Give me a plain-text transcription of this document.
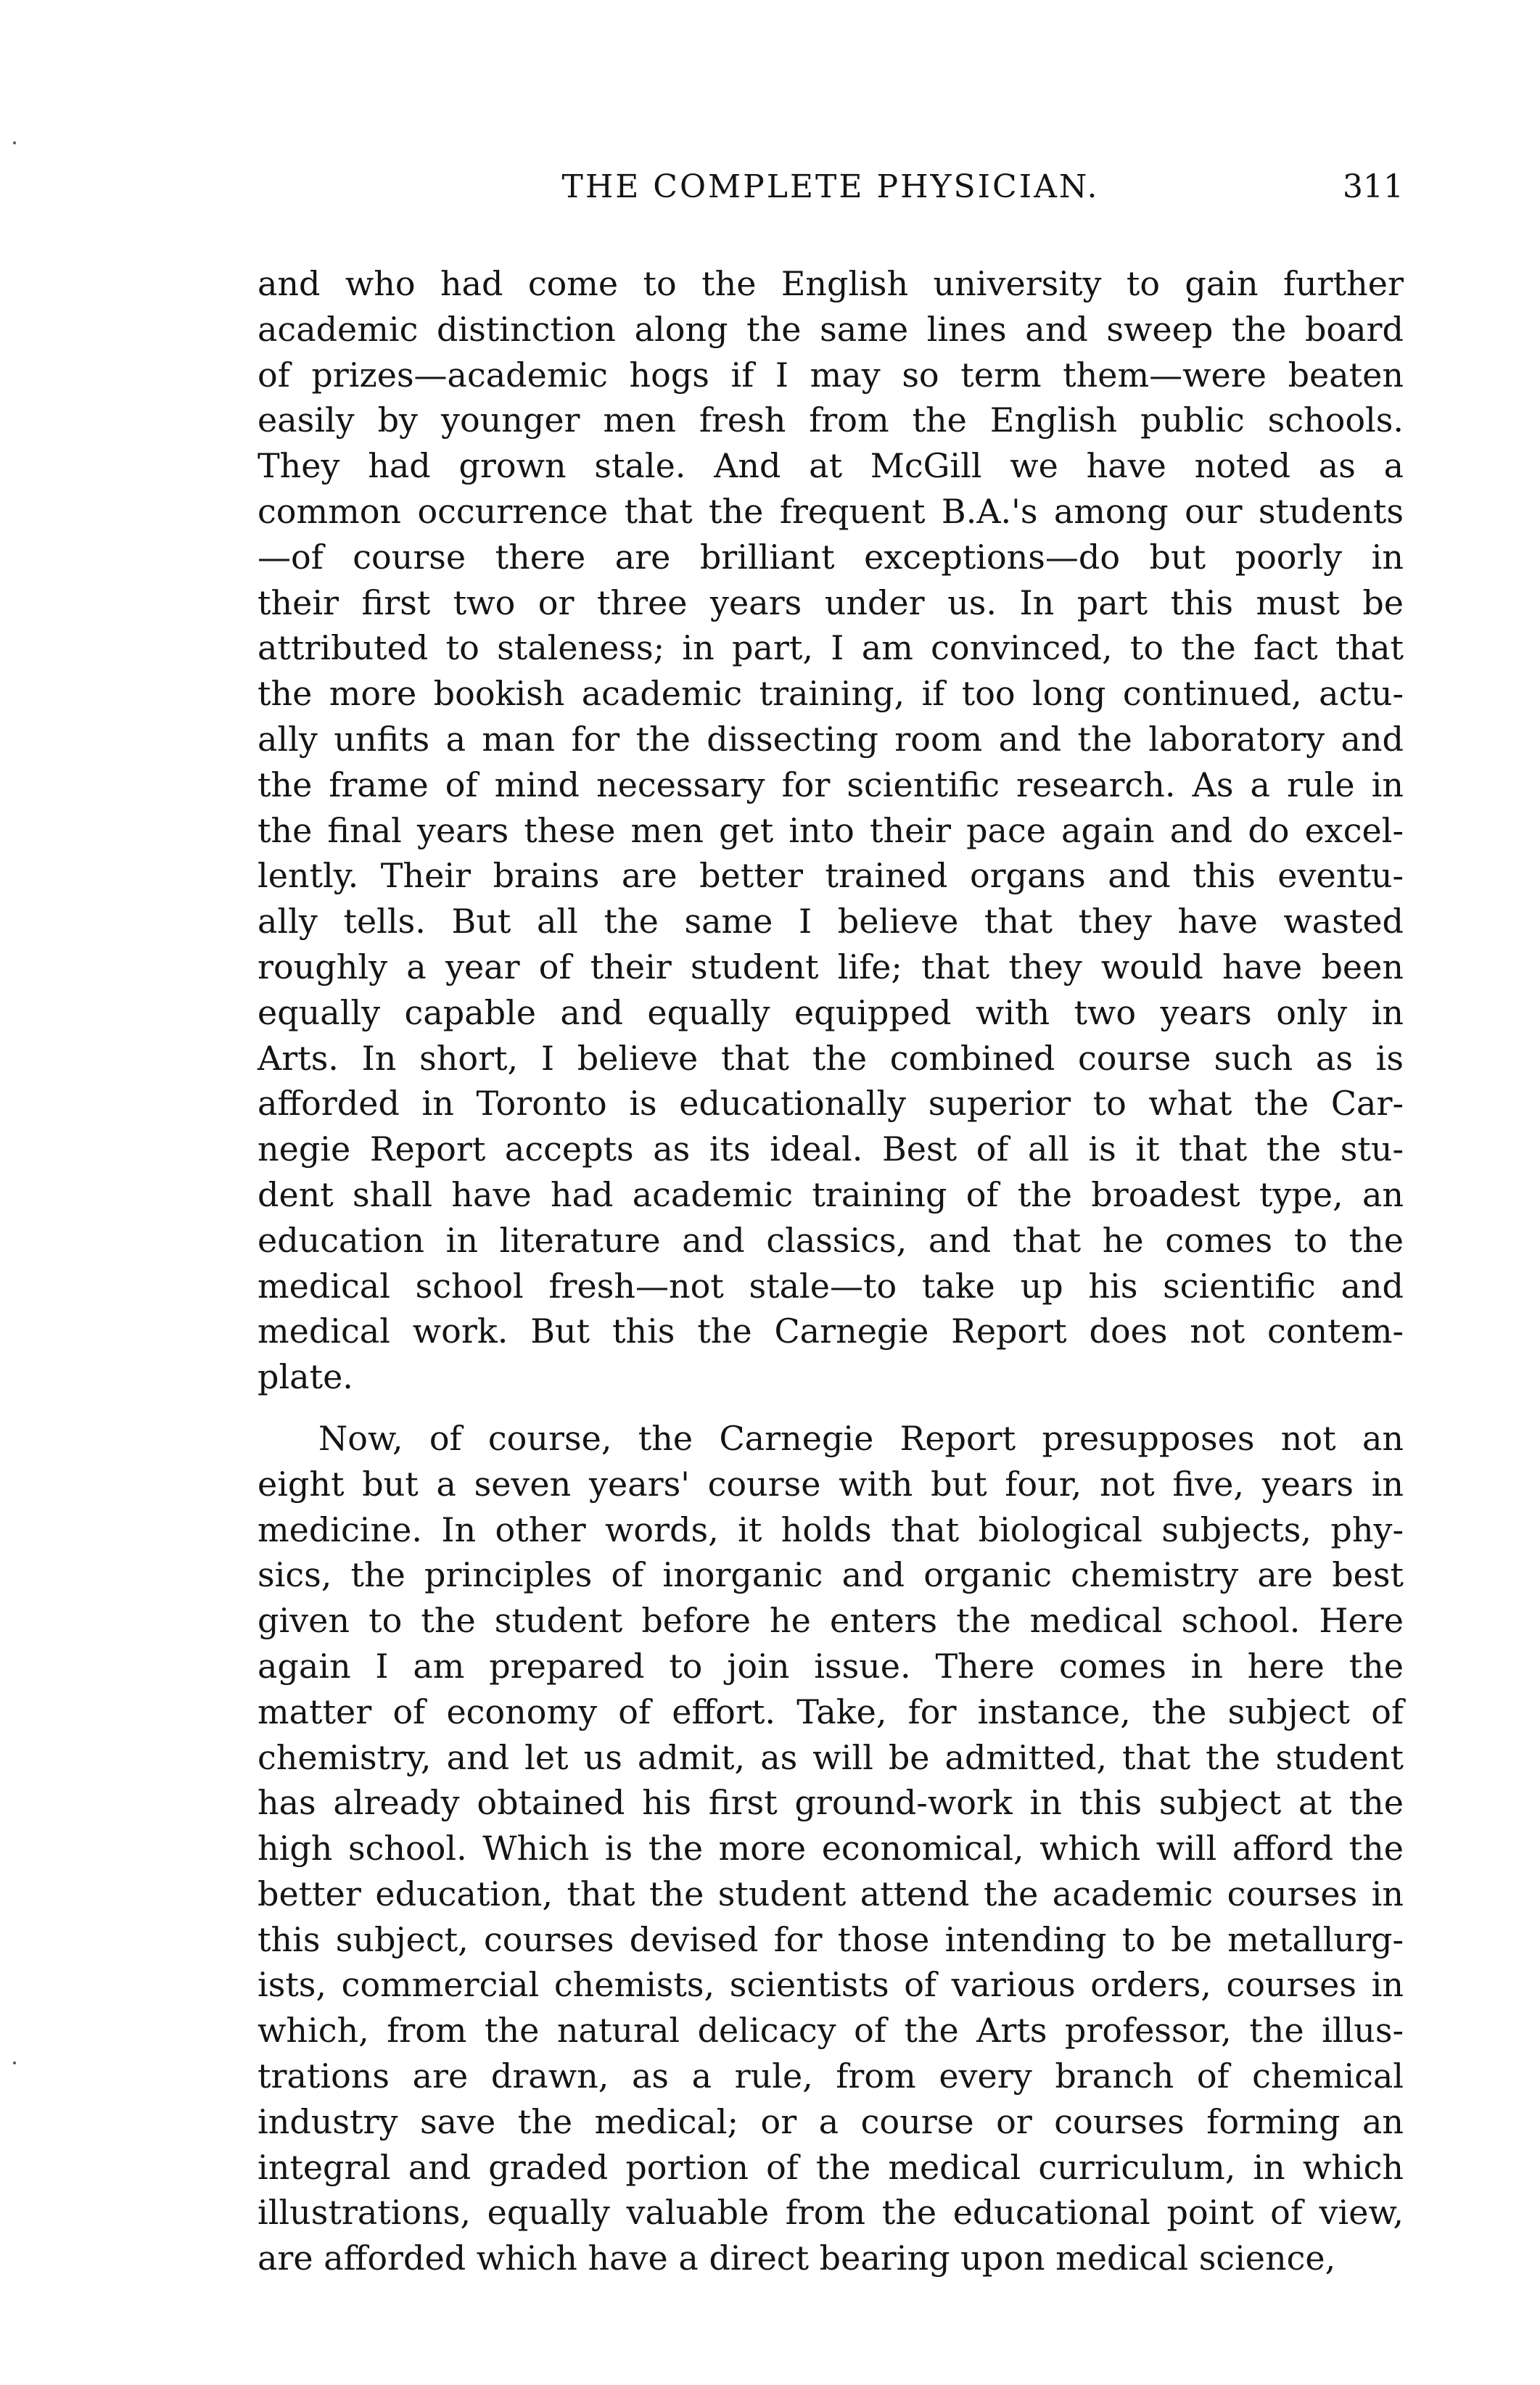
THE COMPLETE PHYSICIAN.	311
and who had come to the English university to gain further
academic distinction along the same lines and sweep the board
of prizes—academic hogs if I may so term them—were beaten
easily by younger men fresh from the English public schools.
They had grown stale. And at McGill we have noted as a
common occurrence that the frequent B.A.'s among our students
—of course there are brilliant exceptions—do but poorly in
their first two or three years under us. In part this must be
attributed to staleness; in part, I am convinced, to the fact that
the more bookish academic training, if too long continued, actu-
ally unfits a man for the dissecting room and the laboratory and
the frame of mind necessary for scientific research. As a rule in
the final years these men get into their pace again and do excel-
lently. Their brains are better trained organs and this eventu-
ally tells. But all the same I believe that they have wasted
roughly a year of their student life; that they would have been
equally capable and equally equipped with two years only in
Arts. In short, I believe that the combined course such as is
afforded in Toronto is educationally superior to what the Car-
negie Report accepts as its ideal. Best of all is it that the stu-
dent shall have had academic training of the broadest type, an
education in literature and classics, and that he comes to the
medical school fresh—not stale—to take up his scientific and
medical work. But this the Carnegie Report does not contem-
plate.
Now, of course, the Carnegie Report presupposes not an
eight but a seven years' course with but four, not five, years in
medicine. In other words, it holds that biological subjects, phy-
sics, the principles of inorganic and organic chemistry are best
given to the student before he enters the medical school. Here
again I am prepared to join issue. There comes in here the
matter of economy of effort. Take, for instance, the subject of
chemistry, and let us admit, as will be admitted, that the student
has already obtained his first ground-work in this subject at the
high school. Which is the more economical, which will afford the
better education, that the student attend the academic courses in
this subject, courses devised for those intending to be metallurg-
ists, commercial chemists, scientists of various orders, courses in
which, from the natural delicacy of the Arts professor, the illus-
trations are drawn, as a rule, from every branch of chemical
industry save the medical; or a course or courses forming an
integral and graded portion of the medical curriculum, in which
illustrations, equally valuable from the educational point of view,
are afforded which have a direct bearing upon medical science,
